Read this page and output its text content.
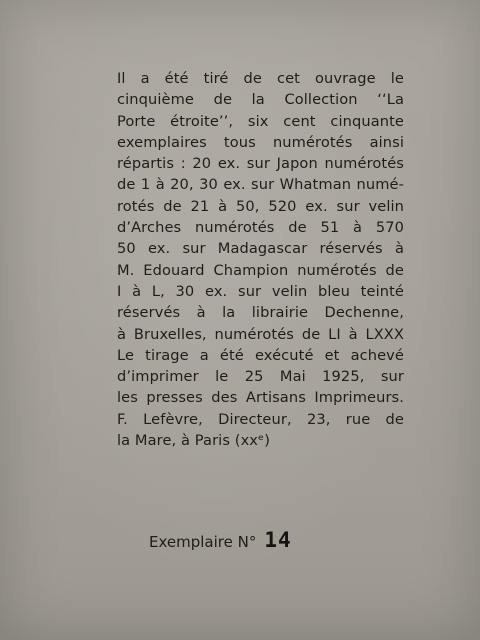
Il a été tiré de cet ouvrage le
cinquième de la Collection ‘‘La
Porte étroite’’, six cent cinquante
exemplaires tous numérotés ainsi
répartis : 20 ex. sur Japon numérotés
de 1 à 20, 30 ex. sur Whatman numé-
rotés de 21 à 50, 520 ex. sur velin
d’Arches numérotés de 51 à 570
50 ex. sur Madagascar réservés à
M. Edouard Champion numérotés de
I à L, 30 ex. sur velin bleu teinté
réservés à la librairie Dechenne,
à Bruxelles, numérotés de LI à LXXX
Le tirage a été exécuté et achevé
d’imprimer le 25 Mai 1925, sur
les presses des Artisans Imprimeurs.
F. Lefèvre, Directeur, 23, rue de
la Mare, à Paris (xxᵉ)
Exemplaire N° 14
